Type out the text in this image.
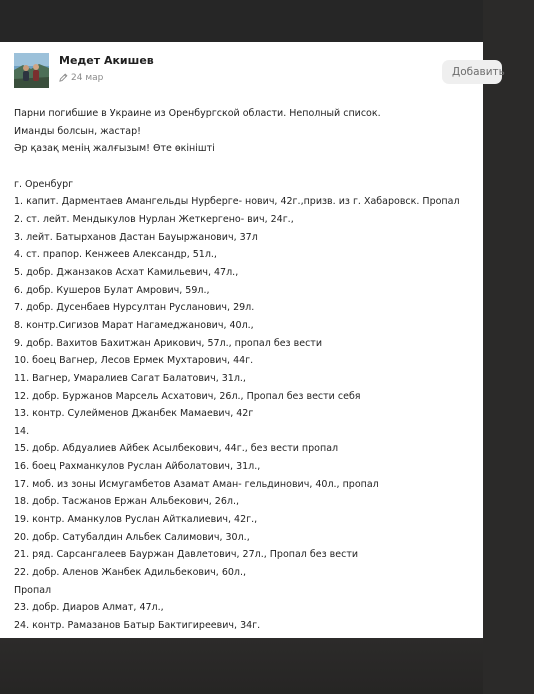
Медет Акишев
24 мар	Добавить
Парни погибшие в Украине из Оренбургской области. Неполный список.
Иманды болсын, жастар!
Әр қазақ менің жалғызым! Өте өкінішті
г. Оренбург
1. капит. Дарментаев Амангельды Нурберге- нович, 42г.,призв. из г. Хабаровск. Пропал
2. ст. лейт. Мендыкулов Нурлан Жеткергено- вич, 24г.,
3. лейт. Батырханов Дастан Бауыржанович, 37л
4. ст. прапор. Кенжеев Александр, 51л.,
5. добр. Джанзаков Асхат Камильевич, 47л.,
6. добр. Кушеров Булат Амрович, 59л.,
7. добр. Дусенбаев Нурсултан Русланович, 29л.
8. контр.Сигизов Марат Нагамеджанович, 40л.,
9. добр. Вахитов Бахитжан Арикович, 57л., пропал без вести
10. боец Вагнер, Лесов Ермек Мухтарович, 44г.
11. Вагнер, Умаралиев Сагат Балатович, 31л.,
12. добр. Буржанов Марсель Асхатович, 26л., Пропал без вести себя
13. контр. Сулейменов Джанбек Мамаевич, 42г
14.
15. добр. Абдуалиев Айбек Асылбекович, 44г., без вести пропал
16. боец Рахманкулов Руслан Айболатович, 31л.,
17. моб. из зоны Исмугамбетов Азамат Аман- гельдинович, 40л., пропал
18. добр. Тасжанов Ержан Альбекович, 26л.,
19. контр. Аманкулов Руслан Айткалиевич, 42г.,
20. добр. Сатубалдин Альбек Салимович, 30л.,
21. ряд. Сарсангалеев Бауржан Давлетович, 27л., Пропал без вести
22. добр. Аленов Жанбек Адильбекович, 60л.,
Пропал
23. добр. Диаров Алмат, 47л.,
24. контр. Рамазанов Батыр Бактигиреевич, 34г.
